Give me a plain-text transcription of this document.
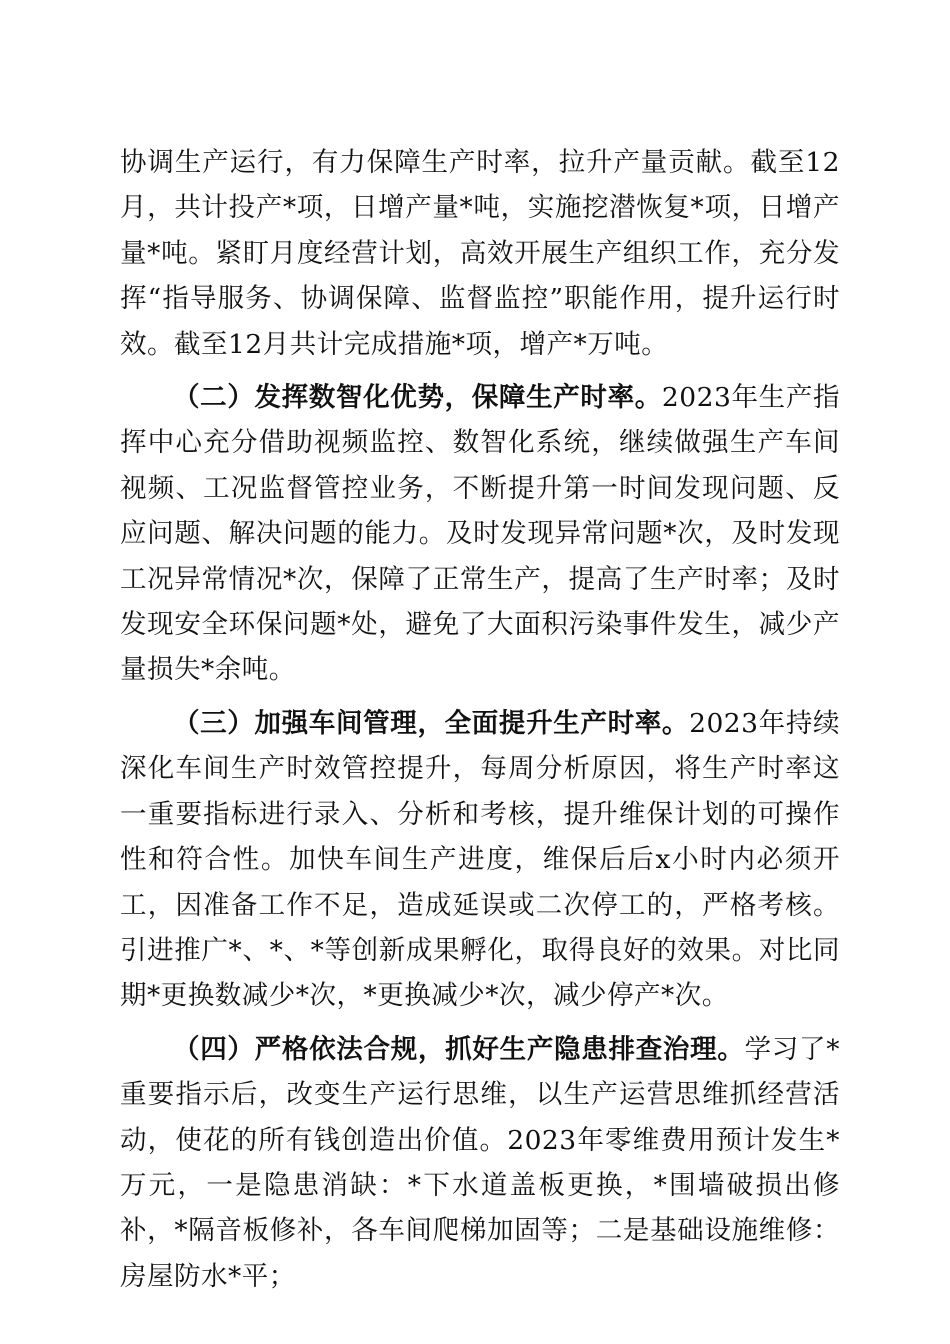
协调生产运行，有力保障生产时率，拉升产量贡献。截至12月，共计投产*项，日增产量*吨，实施挖潜恢复*项，日增产量*吨。紧盯月度经营计划，高效开展生产组织工作，充分发挥“指导服务、协调保障、监督监控”职能作用，提升运行时效。截至12月共计完成措施*项，增产*万吨。

（二）发挥数智化优势，保障生产时率。2023年生产指挥中心充分借助视频监控、数智化系统，继续做强生产车间视频、工况监督管控业务，不断提升第一时间发现问题、反应问题、解决问题的能力。及时发现异常问题*次，及时发现工况异常情况*次，保障了正常生产，提高了生产时率；及时发现安全环保问题*处，避免了大面积污染事件发生，减少产量损失*余吨。

（三）加强车间管理，全面提升生产时率。2023年持续深化车间生产时效管控提升，每周分析原因，将生产时率这一重要指标进行录入、分析和考核，提升维保计划的可操作性和符合性。加快车间生产进度，维保后后x小时内必须开工，因准备工作不足，造成延误或二次停工的，严格考核。引进推广*、*、*等创新成果孵化，取得良好的效果。对比同期*更换数减少*次，*更换减少*次，减少停产*次。

（四）严格依法合规，抓好生产隐患排查治理。学习了*重要指示后，改变生产运行思维，以生产运营思维抓经营活动，使花的所有钱创造出价值。2023年零维费用预计发生*万元，一是隐患消缺：*下水道盖板更换，*围墙破损出修补，*隔音板修补，各车间爬梯加固等；二是基础设施维修：房屋防水*平；
